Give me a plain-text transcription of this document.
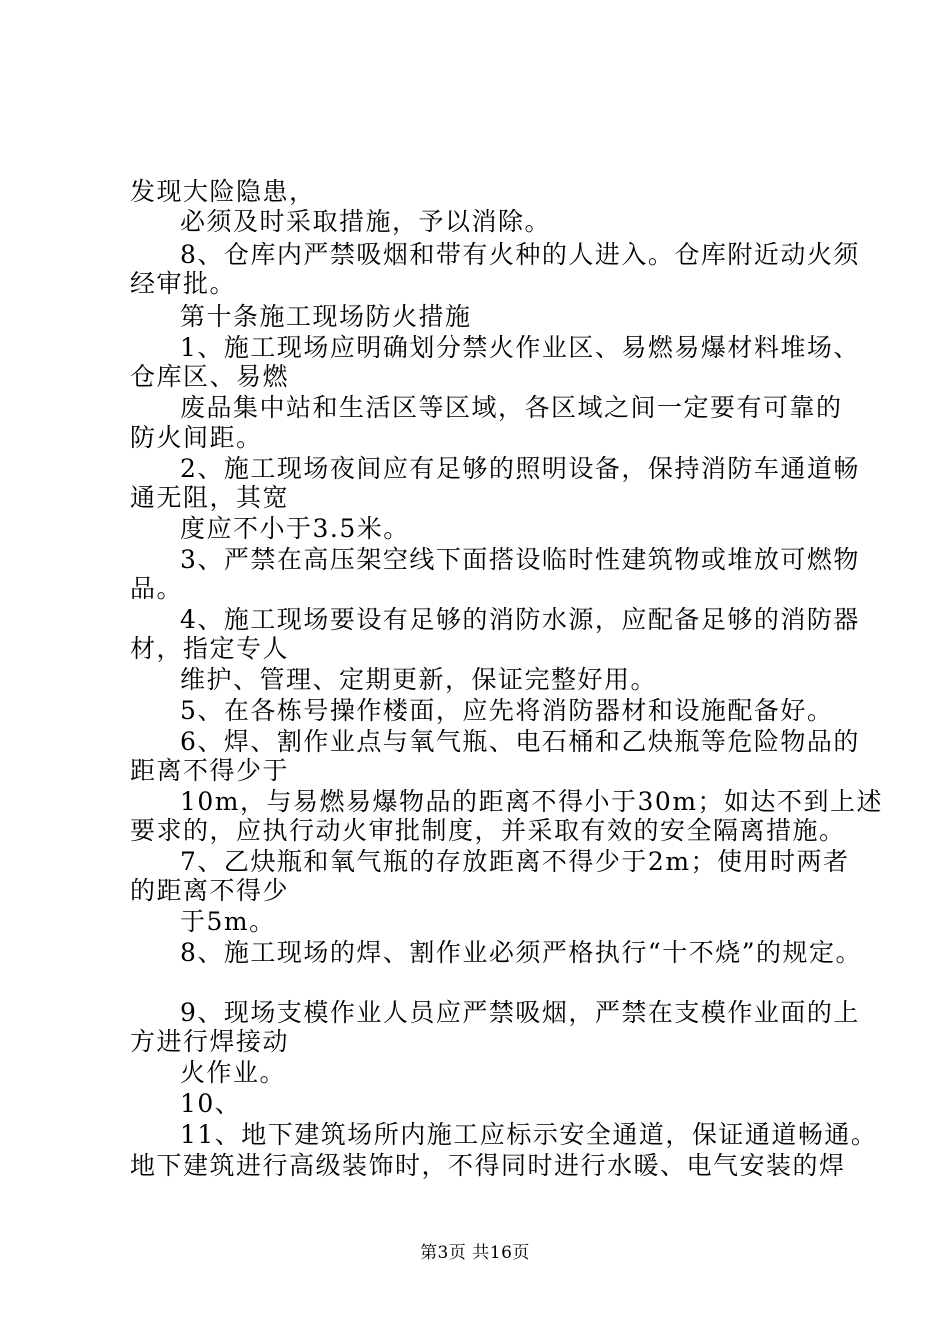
发现大险隐患，
必须及时采取措施，予以消除。
8、仓库内严禁吸烟和带有火种的人进入。仓库附近动火须
经审批。
第十条施工现场防火措施
1、施工现场应明确划分禁火作业区、易燃易爆材料堆场、
仓库区、易燃
废品集中站和生活区等区域，各区域之间一定要有可靠的
防火间距。
2、施工现场夜间应有足够的照明设备，保持消防车通道畅
通无阻，其宽
度应不小于3.5米。
3、严禁在高压架空线下面搭设临时性建筑物或堆放可燃物
品。
4、施工现场要设有足够的消防水源，应配备足够的消防器
材，指定专人
维护、管理、定期更新，保证完整好用。
5、在各栋号操作楼面，应先将消防器材和设施配备好。
6、焊、割作业点与氧气瓶、电石桶和乙炔瓶等危险物品的
距离不得少于
10m，与易燃易爆物品的距离不得小于30m；如达不到上述
要求的，应执行动火审批制度，并采取有效的安全隔离措施。
7、乙炔瓶和氧气瓶的存放距离不得少于2m；使用时两者
的距离不得少
于5m。
8、施工现场的焊、割作业必须严格执行“十不烧”的规定。
9、现场支模作业人员应严禁吸烟，严禁在支模作业面的上
方进行焊接动
火作业。
10、
11、地下建筑场所内施工应标示安全通道，保证通道畅通。
地下建筑进行高级装饰时，不得同时进行水暖、电气安装的焊
第3页 共16页
